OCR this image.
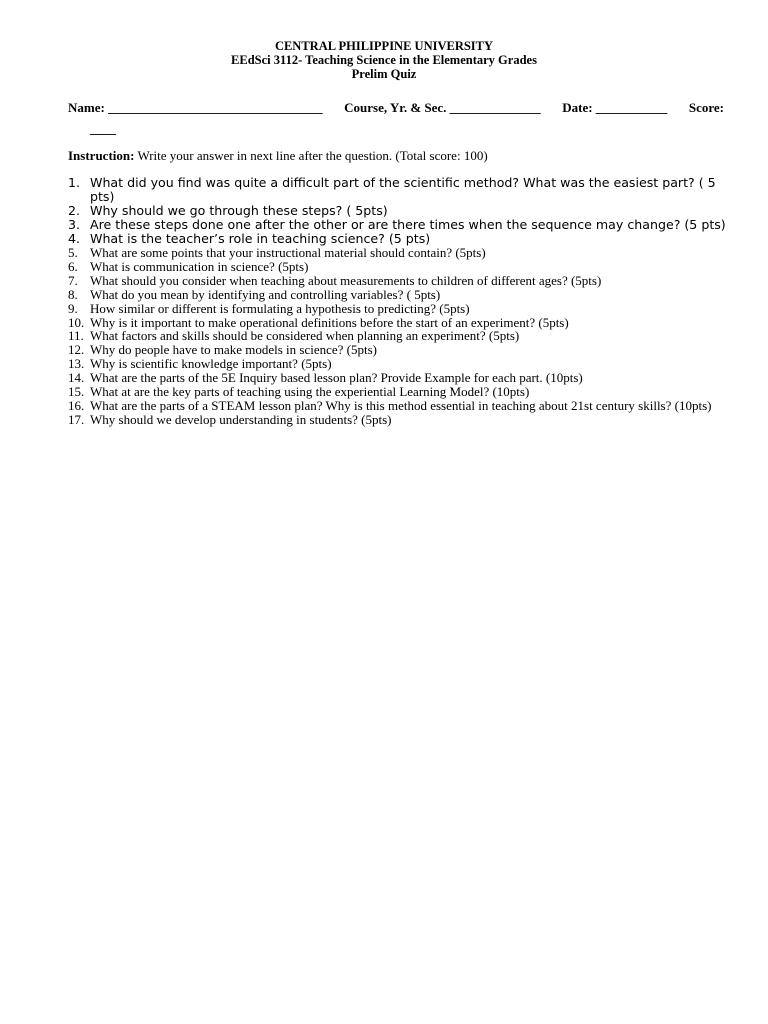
CENTRAL PHILIPPINE UNIVERSITY
EEdSci 3112- Teaching Science in the Elementary Grades
Prelim Quiz
Name: _________________________________ Course, Yr. & Sec. ______________ Date: ___________ Score:
____
Instruction: Write your answer in next line after the question. (Total score: 100)
1. What did you find was quite a difficult part of the scientific method? What was the easiest part? ( 5 pts)
2. Why should we go through these steps? ( 5pts)
3. Are these steps done one after the other or are there times when the sequence may change? (5 pts)
4. What is the teacher’s role in teaching science? (5 pts)
5. What are some points that your instructional material should contain? (5pts)
6. What is communication in science? (5pts)
7. What should you consider when teaching about measurements to children of different ages? (5pts)
8. What do you mean by identifying and controlling variables? ( 5pts)
9. How similar or different is formulating a hypothesis to predicting? (5pts)
10. Why is it important to make operational definitions before the start of an experiment? (5pts)
11. What factors and skills should be considered when planning an experiment? (5pts)
12. Why do people have to make models in science? (5pts)
13. Why is scientific knowledge important? (5pts)
14. What are the parts of the 5E Inquiry based lesson plan? Provide Example for each part. (10pts)
15. What at are the key parts of teaching using the experiential Learning Model? (10pts)
16. What are the parts of a STEAM lesson plan? Why is this method essential in teaching about 21st century skills? (10pts)
17. Why should we develop understanding in students? (5pts)
